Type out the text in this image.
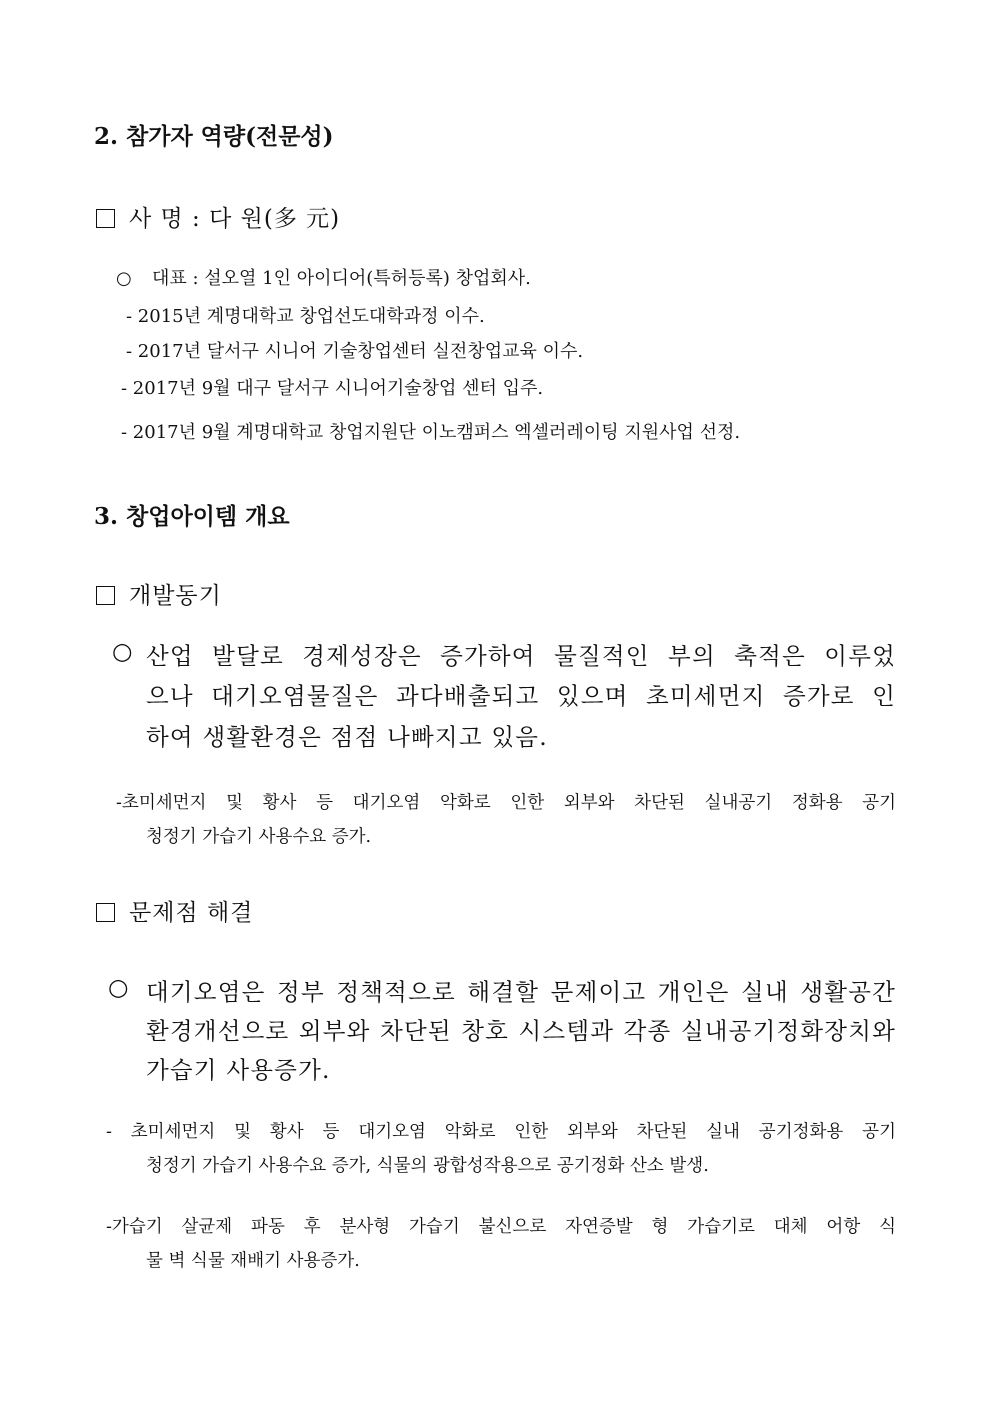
2. 참가자 역량(전문성)
사 명 : 다 원(多 元)
○ 대표 : 설오열 1인 아이디어(특허등록) 창업회사.
- 2015년 계명대학교 창업선도대학과정 이수.
- 2017년 달서구 시니어 기술창업센터 실전창업교육 이수.
- 2017년 9월 대구 달서구 시니어기술창업 센터 입주.
- 2017년 9월 계명대학교 창업지원단 이노캠퍼스 엑셀러레이팅 지원사업 선정.
3. 창업아이템 개요
개발동기
○ 산업 발달로 경제성장은 증가하여 물질적인 부의 축적은 이루었
으나 대기오염물질은 과다배출되고 있으며 초미세먼지 증가로 인
하여 생활환경은 점점 나빠지고 있음.
-초미세먼지 및 황사 등 대기오염 악화로 인한 외부와 차단된 실내공기 정화용 공기
청정기 가습기 사용수요 증가.
문제점 해결
○ 대기오염은 정부 정책적으로 해결할 문제이고 개인은 실내 생활공간
환경개선으로 외부와 차단된 창호 시스템과 각종 실내공기정화장치와
가습기 사용증가.
- 초미세먼지 및 황사 등 대기오염 악화로 인한 외부와 차단된 실내 공기정화용 공기
청정기 가습기 사용수요 증가, 식물의 광합성작용으로 공기정화 산소 발생.
-가습기 살균제 파동 후 분사형 가습기 불신으로 자연증발 형 가습기로 대체 어항 식
물 벽 식물 재배기 사용증가.
